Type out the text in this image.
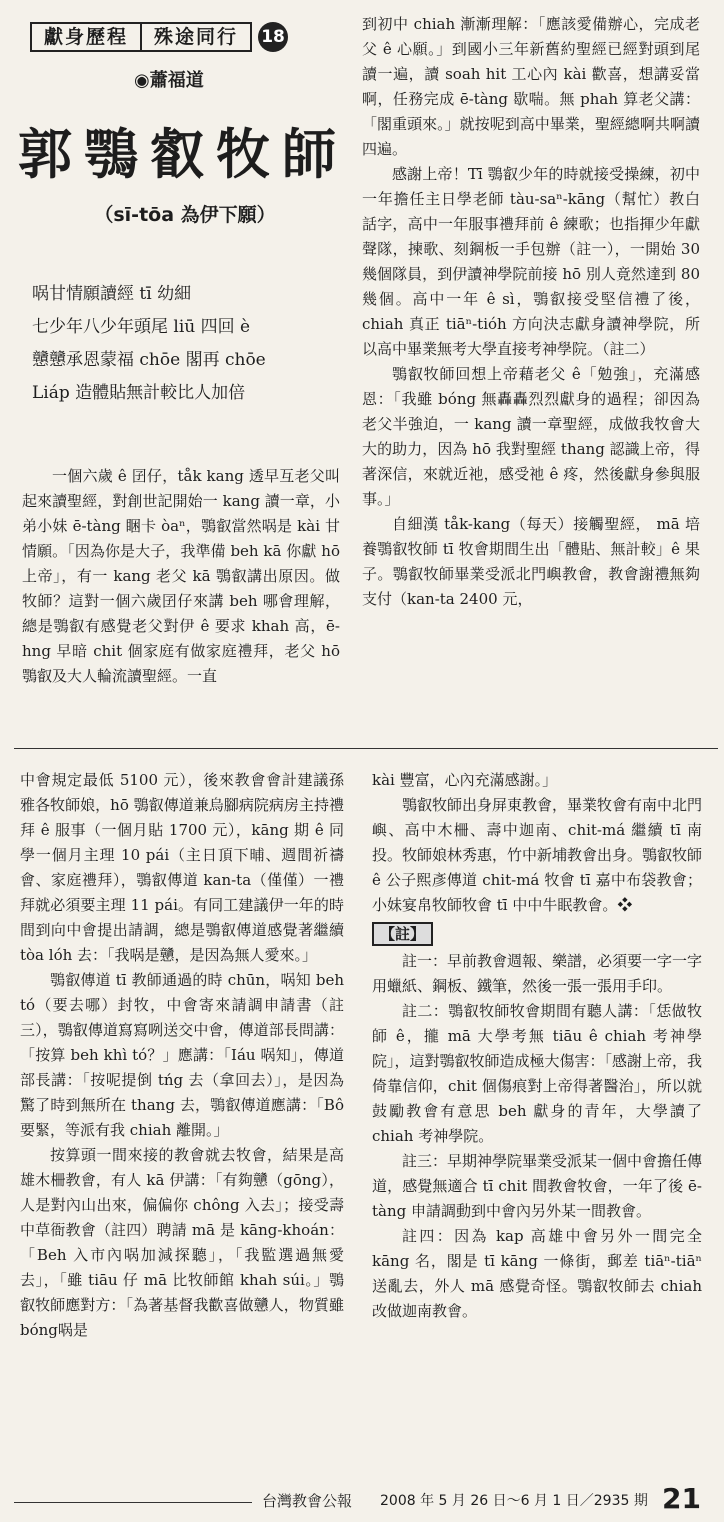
獻身歷程	殊途同行	18
◉蕭福道
郭鶚叡牧師
（sī-tōa 為伊下願）
㖞甘情願讀經 tī 幼細
七少年八少年頭尾 liū 四回 è
戇戇承恩蒙福 chōe 閣再 chōe
Liáp 造體貼無計較比人加倍

一個六歲 ê 囝仔，tåk kang 透早互老父叫起來讀聖經，對創世記開始一 kang 讀一章，小弟小妹 ē-tàng 睏卡 òaⁿ，鶚叡當然㖞是 kài 甘情願。「因為你是大子，我準備 beh kā 你獻 hō 上帝」，有一 kang 老父 kā 鶚叡講出原因。做牧師？這對一個六歲囝仔來講 beh 哪會理解，總是鶚叡有感覺老父對伊 ê 要求 khah 高，ē-hng 早暗 chit 個家庭有做家庭禮拜，老父 hō 鶚叡及大人輪流讀聖經。一直

到初中 chiah 漸漸理解：「應該愛備辦心，完成老父 ê 心願。」到國小三年新舊約聖經已經對頭到尾讀一遍，讀 soah hit 工心內 kài 歡喜，想講妥當啊，任務完成 ē-tàng 歇喘。無 phah 算老父講：「閣重頭來。」就按呢到高中畢業，聖經總啊共啊讀四遍。

感謝上帝！Tī 鶚叡少年的時就接受操練，初中一年擔任主日學老師 tàu-saⁿ-kāng（幫忙）教白話字，高中一年服事禮拜前 ê 練歌；也指揮少年獻聲隊，揀歌、刻鋼板一手包辦（註一），一開始 30 幾個隊員，到伊讀神學院前接 hō 別人竟然達到 80 幾個。高中一年 ê sì，鶚叡接受堅信禮了後，chiah 真正 tiāⁿ-tióh 方向決志獻身讀神學院，所以高中畢業無考大學直接考神學院。（註二）

鶚叡牧師回想上帝藉老父 ê「勉強」，充滿感恩：「我雖 bóng 無轟轟烈烈獻身的過程；卻因為老父半強迫，一 kang 讀一章聖經，成做我牧會大大的助力，因為 hō 我對聖經 thang 認識上帝，得著深信，來就近祂，感受祂 ê 疼，然後獻身參與服事。」

自細漢 tåk-kang（每天）接觸聖經， mā 培養鶚叡牧師 tī 牧會期間生出「體貼、無計較」ê 果子。鶚叡牧師畢業受派北門嶼教會，教會謝禮無夠支付（kan-ta 2400 元，

中會規定最低 5100 元），後來教會會計建議孫雅各牧師娘，hō 鶚叡傳道兼烏腳病院病房主持禮拜 ê 服事（一個月貼 1700 元），kāng 期 ê 同學一個月主理 10 pái（主日頂下晡、週間祈禱會、家庭禮拜），鶚叡傳道 kan-ta（僅僅）一禮拜就必須要主理 11 pái。有同工建議伊一年的時間到向中會提出請調，總是鶚叡傳道感覺著繼續 tòa lóh 去：「我㖞是戇，是因為無人愛來。」

鶚叡傳道 tī 教師通過的時 chūn，㖞知 beh tó（要去哪）封牧，中會寄來請調申請書（註三），鶚叡傳道寫寫咧送交中會，傳道部長問講：「按算 beh khì tó？」應講：「Iáu 㖞知」，傳道部長講：「按呢提倒 tńg 去（拿回去）」，是因為驚了時到無所在 thang 去，鶚叡傳道應講：「Bô 要緊，等派有我 chiah 離開。」

按算頭一間來接的教會就去牧會，結果是高雄木柵教會，有人 kā 伊講：「有夠戇（gōng），人是對內山出來，偏偏你 chông 入去」；接受壽中草衙教會（註四）聘請 mā 是 kāng-khoán：「Beh 入市內㖞加減探聽」，「我監選過無愛去」，「雖 tiāu 仔 mā 比牧師館 khah súi。」鶚叡牧師應對方：「為著基督我歡喜做戇人，物質雖 bóng㖞是

kài 豐富，心內充滿感謝。」

鶚叡牧師出身屏東教會，畢業牧會有南中北門嶼、高中木柵、壽中迦南、chit-má 繼續 tī 南投。牧師娘林秀惠，竹中新埔教會出身。鶚叡牧師 ê 公子熙彥傳道 chit-má 牧會 tī 嘉中布袋教會；小妹宴帛牧師牧會 tī 中中牛眠教會。❖

【註】

註一：早前教會週報、樂譜，必須要一字一字用蠟紙、鋼板、鐵筆，然後一張一張用手印。

註二：鶚叡牧師牧會期間有聽人講：「恁做牧師 ê，攏 mā 大學考無 tiāu ê chiah 考神學院」，這對鶚叡牧師造成極大傷害：「感謝上帝，我倚靠信仰，chit 個傷痕對上帝得著醫治」，所以就鼓勵教會有意思 beh 獻身的青年，大學讀了 chiah 考神學院。

註三：早期神學院畢業受派某一個中會擔任傳道，感覺無適合 tī chit 間教會牧會，一年了後 ē-tàng 申請調動到中會內另外某一間教會。

註四：因為 kap 高雄中會另外一間完全 kāng 名，閣是 tī kāng 一條街，郵差 tiāⁿ-tiāⁿ 送亂去，外人 mā 感覺奇怪。鶚叡牧師去 chiah 改做迦南教會。

台灣教會公報 2008 年 5 月 26 日～6 月 1 日／2935 期 21
